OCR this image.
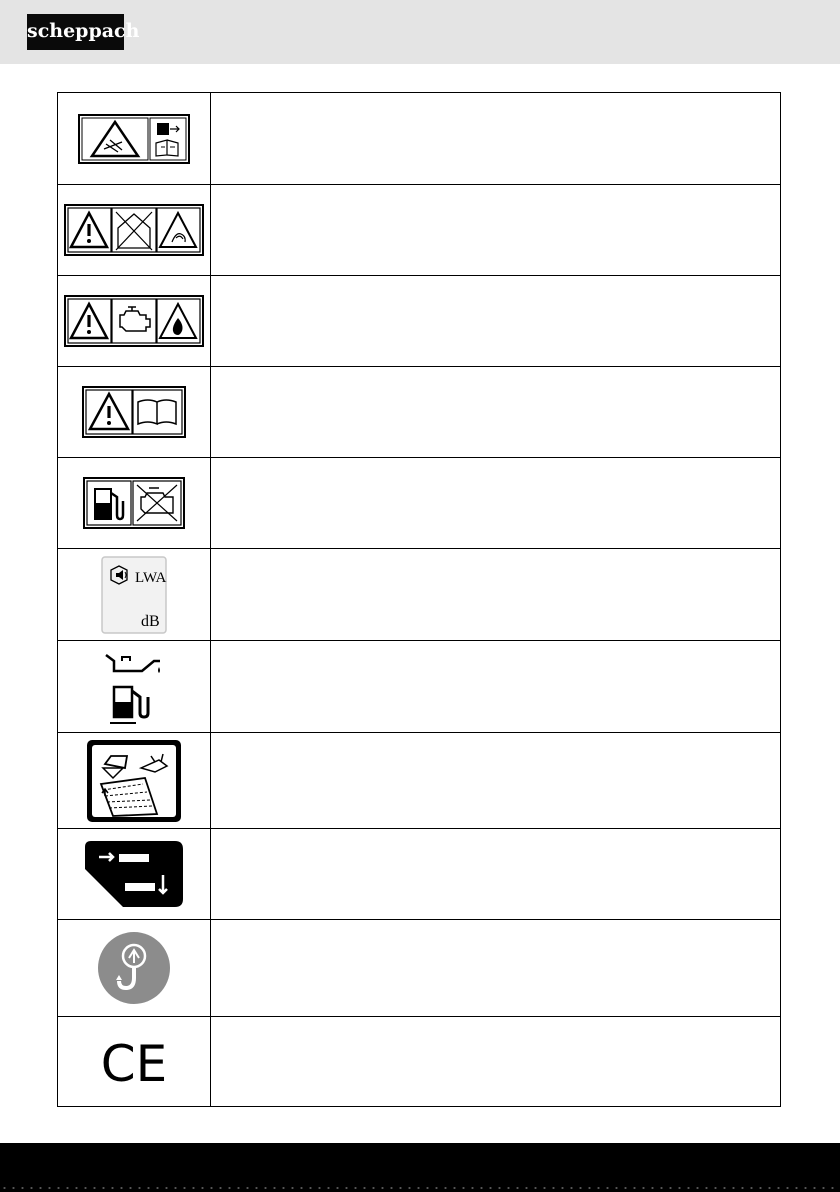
scheppach

LWA
dB	

CE	
